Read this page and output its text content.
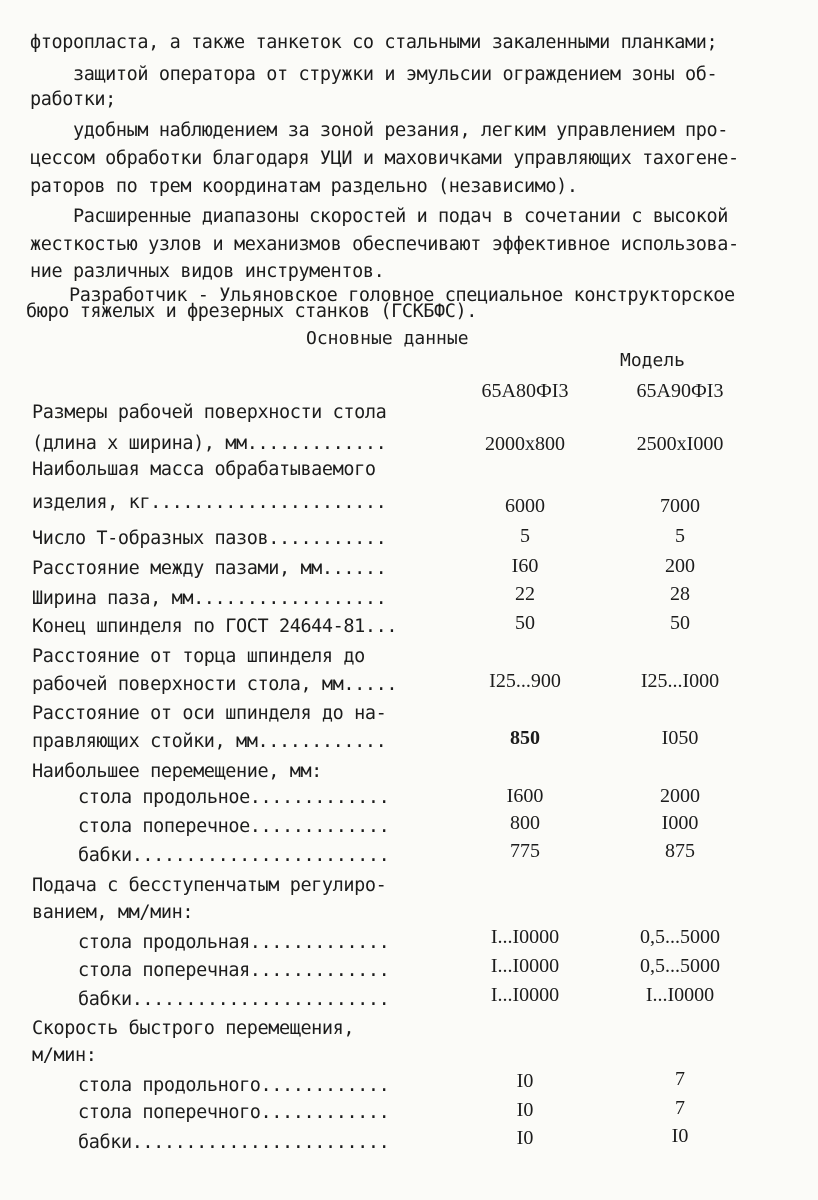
фторопласта, а также танкеток со стальными закаленными планками;
защитой оператора от стружки и эмульсии ограждением зоны об-
работки;
удобным наблюдением за зоной резания, легким управлением про-
цессом обработки благодаря УЦИ и маховичками управляющих тахогене-
раторов по трем координатам раздельно (независимо).
Расширенные диапазоны скоростей и подач в сочетании с высокой
жесткостью узлов и механизмов обеспечивают эффективное использова-
ние различных видов инструментов.
Разработчик - Ульяновское головное специальное конструкторское
бюро тяжелых и фрезерных станков (ГСКБФС).
Основные данные
Модель
65А80ФI3	65А90ФI3
Размеры рабочей поверхности стола
(длина x ширина), мм.............	2000x800	2500xI000
Наибольшая масса обрабатываемого
изделия, кг......................	6000	7000
Число Т-образных пазов...........	5	5
Расстояние между пазами, мм......	I60	200
Ширина паза, мм..................	22	28
Конец шпинделя по ГОСТ 24644-81...	50	50
Расстояние от торца шпинделя до
рабочей поверхности стола, мм.....	I25...900	I25...I000
Расстояние от оси шпинделя до на-
правляющих стойки, мм............	850	I050
Наибольшее перемещение, мм:
стола продольное.............	I600	2000
стола поперечное.............	800	I000
бабки........................	775	875
Подача с бесступенчатым регулиро-
ванием, мм/мин:
стола продольная.............	I...I0000	0,5...5000
стола поперечная.............	I...I0000	0,5...5000
бабки........................	I...I0000	I...I0000
Скорость быстрого перемещения,
м/мин:
стола продольного............	I0	7
стола поперечного............	I0	7
бабки........................	I0	I0
